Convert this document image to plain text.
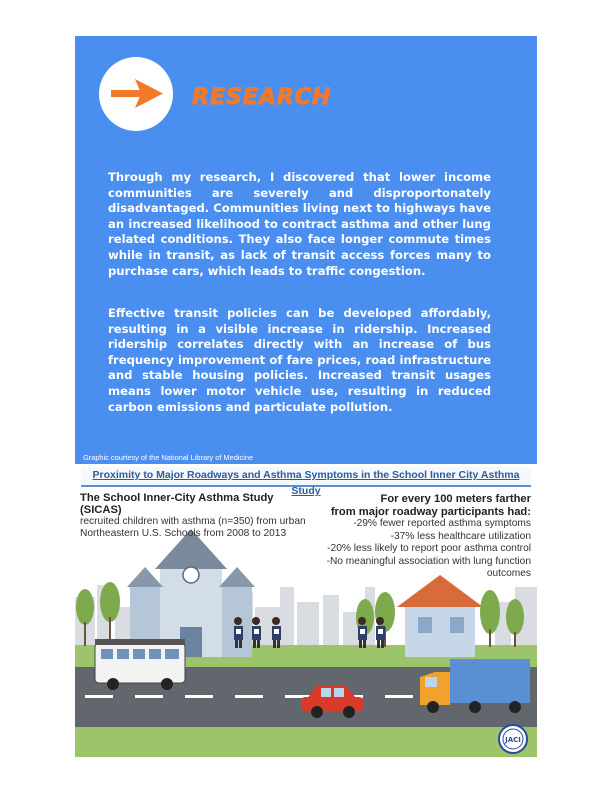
RESEARCH

Through my research, I discovered that lower income communities are severely and disproportonately disadvantaged. Communities living next to highways have an increased likelihood to contract asthma and other lung related conditions. They also face longer commute times while in transit, as lack of transit access forces many to purchase cars, which leads to traffic congestion.

Effective transit policies can be developed affordably, resulting in a visible increase in ridership. Increased ridership correlates directly with an increase of bus frequency improvement of fare prices, road infrastructure and stable housing policies. Increased transit usages means lower motor vehicle use, resulting in reduced carbon emissions and particulate pollution.

Graphic courtesy of the National Library of Medicine
JACI
Proximity to Major Roadways and Asthma Symptoms in the School Inner City Asthma Study
The School Inner-City Asthma Study (SICAS)
recruited children with asthma (n=350) from urban
Northeastern U.S. Schools from 2008 to 2013
For every 100 meters farther
from major roadway participants had:
-29% fewer reported asthma symptoms
-37% less healthcare utilization
-20% less likely to report poor asthma control
-No meaningful association with lung function outcomes
